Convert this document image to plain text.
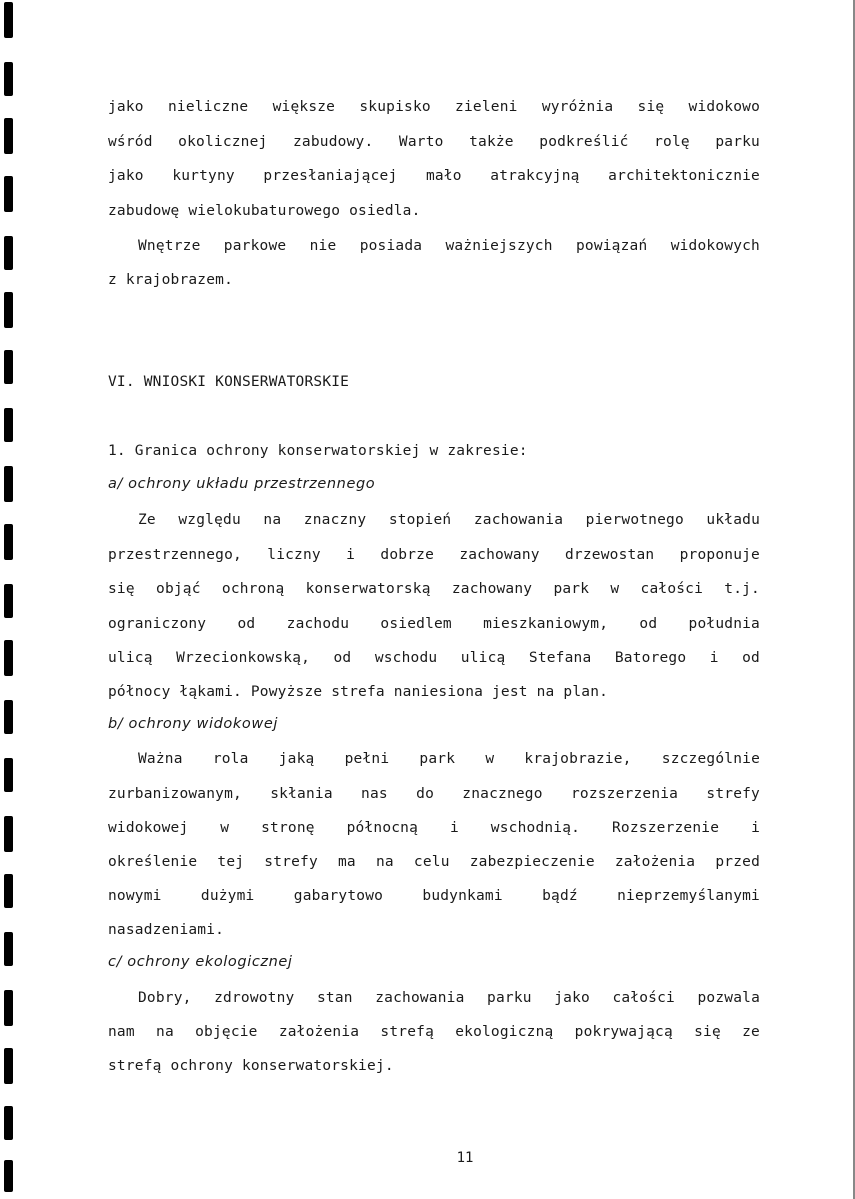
jako nieliczne większe skupisko zieleni wyróżnia się widokowo
wśród okolicznej zabudowy. Warto także podkreślić rolę parku
jako kurtyny przesłaniającej mało atrakcyjną architektonicznie
zabudowę wielokubaturowego osiedla.
Wnętrze parkowe nie posiada ważniejszych powiązań widokowych
z krajobrazem.
VI. WNIOSKI KONSERWATORSKIE
1. Granica ochrony konserwatorskiej w zakresie:
a/ ochrony układu przestrzennego
Ze względu na znaczny stopień zachowania pierwotnego układu
przestrzennego, liczny i dobrze zachowany drzewostan proponuje
się objąć ochroną konserwatorską zachowany park w całości t.j.
ograniczony od zachodu osiedlem mieszkaniowym, od południa
ulicą Wrzecionkowską, od wschodu ulicą Stefana Batorego i od
północy łąkami. Powyższe strefa naniesiona jest na plan.
b/ ochrony widokowej
Ważna rola jaką pełni park w krajobrazie, szczególnie
zurbanizowanym, skłania nas do znacznego rozszerzenia strefy
widokowej w stronę północną i wschodnią. Rozszerzenie i
określenie tej strefy ma na celu zabezpieczenie założenia przed
nowymi dużymi gabarytowo budynkami bądź nieprzemyślanymi
nasadzeniami.
c/ ochrony ekologicznej
Dobry, zdrowotny stan zachowania parku jako całości pozwala
nam na objęcie założenia strefą ekologiczną pokrywającą się ze
strefą ochrony konserwatorskiej.
11
